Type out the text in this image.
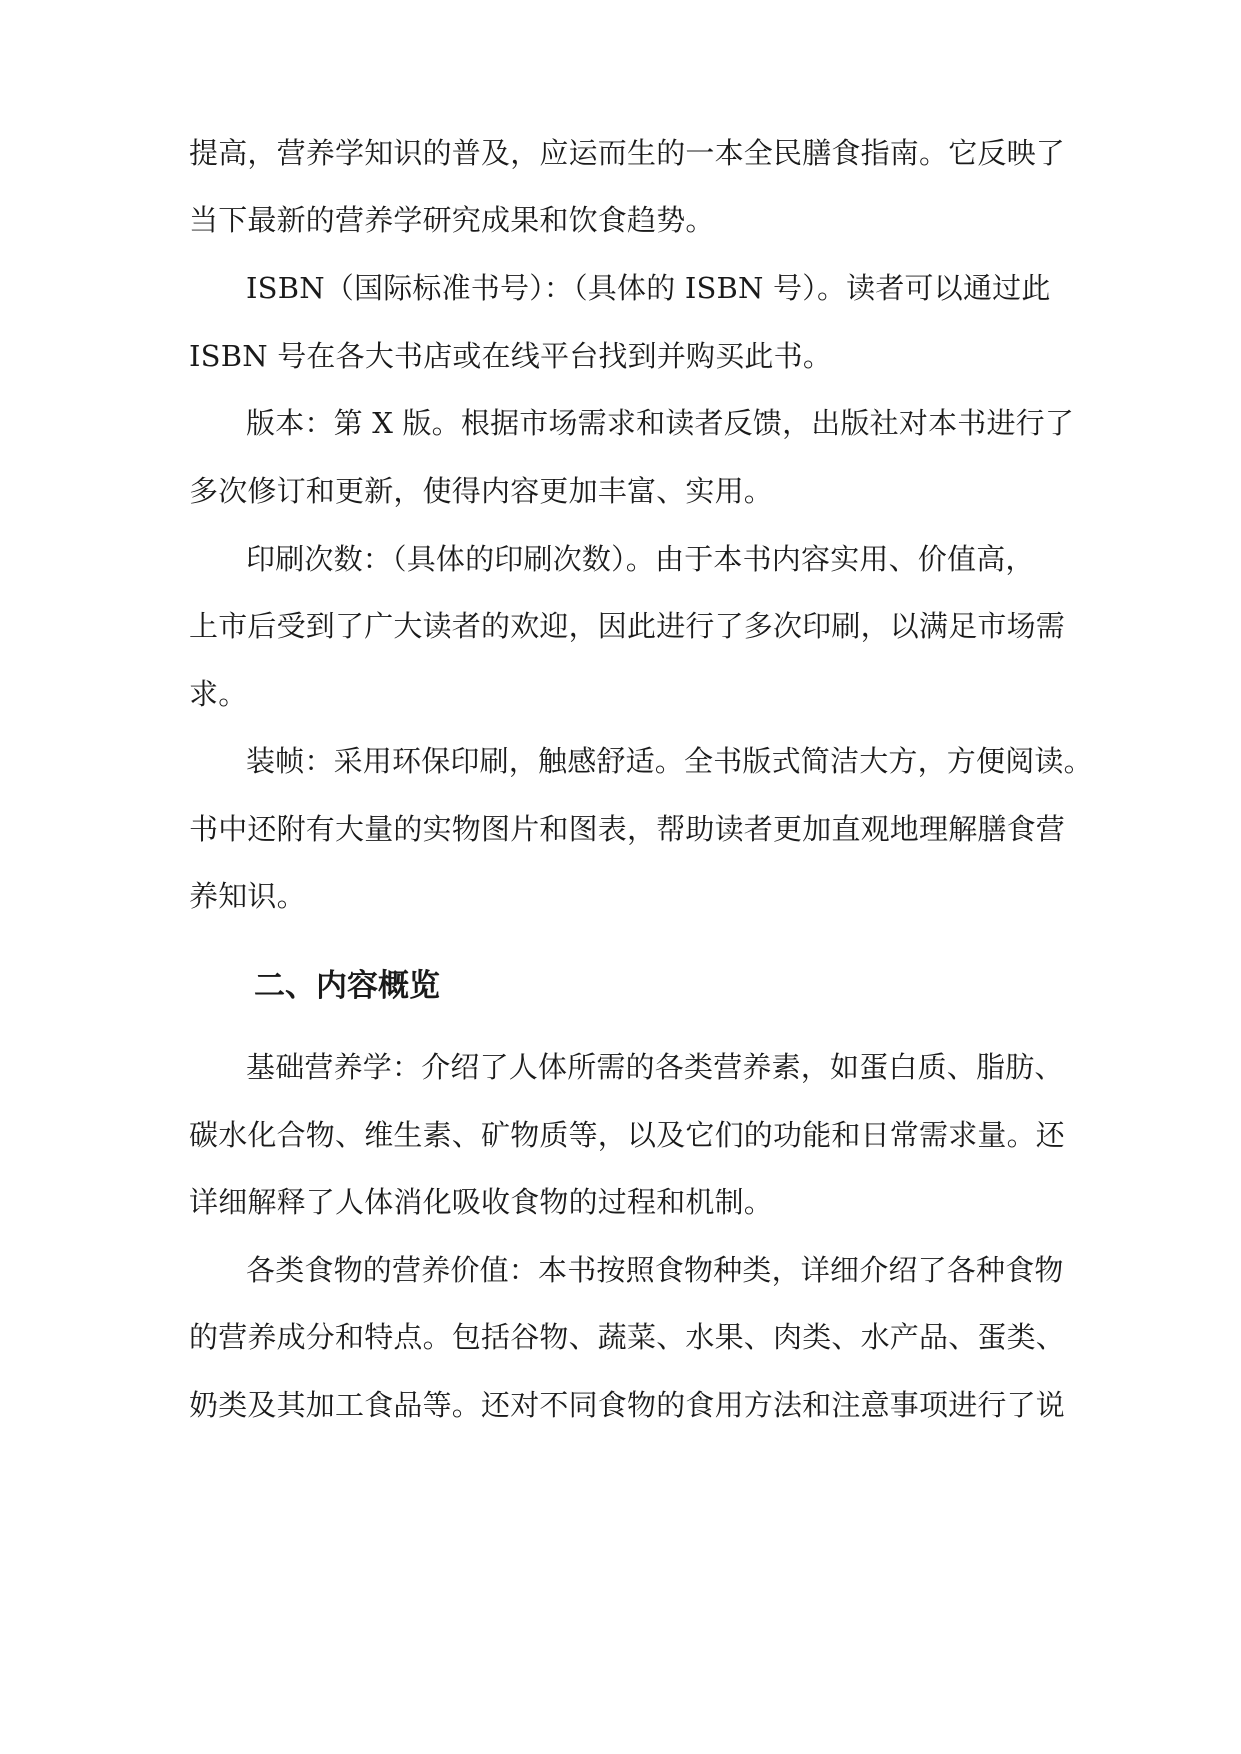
提高，营养学知识的普及，应运而生的一本全民膳食指南。它反映了
当下最新的营养学研究成果和饮食趋势。
ISBN（国际标准书号）：（具体的 ISBN 号）。读者可以通过此
ISBN 号在各大书店或在线平台找到并购买此书。
版本：第 X 版。根据市场需求和读者反馈，出版社对本书进行了
多次修订和更新，使得内容更加丰富、实用。
印刷次数：（具体的印刷次数）。由于本书内容实用、价值高，
上市后受到了广大读者的欢迎，因此进行了多次印刷，以满足市场需
求。
装帧：采用环保印刷，触感舒适。全书版式简洁大方，方便阅读。
书中还附有大量的实物图片和图表，帮助读者更加直观地理解膳食营
养知识。
二、内容概览
基础营养学：介绍了人体所需的各类营养素，如蛋白质、脂肪、
碳水化合物、维生素、矿物质等，以及它们的功能和日常需求量。还
详细解释了人体消化吸收食物的过程和机制。
各类食物的营养价值：本书按照食物种类，详细介绍了各种食物
的营养成分和特点。包括谷物、蔬菜、水果、肉类、水产品、蛋类、
奶类及其加工食品等。还对不同食物的食用方法和注意事项进行了说
